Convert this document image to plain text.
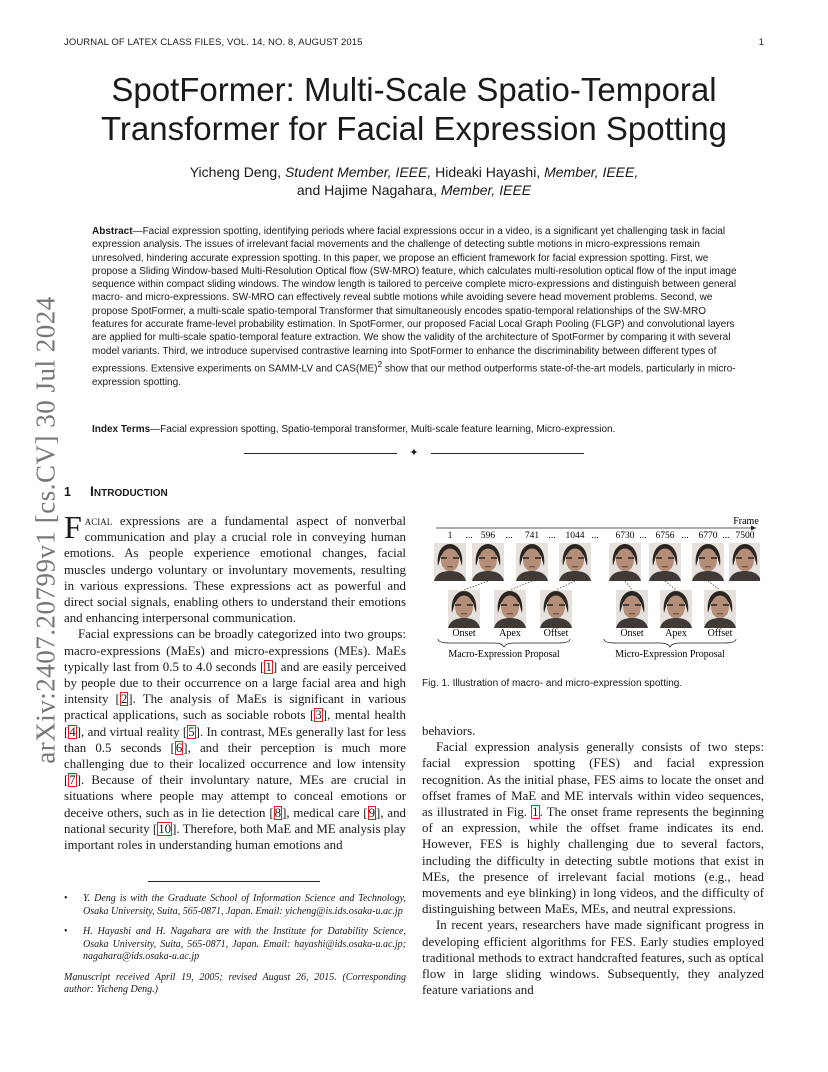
JOURNAL OF LATEX CLASS FILES, VOL. 14, NO. 8, AUGUST 2015	1
arXiv:2407.20799v1 [cs.CV] 30 Jul 2024
SpotFormer: Multi-Scale Spatio-Temporal Transformer for Facial Expression Spotting
Yicheng Deng, Student Member, IEEE, Hideaki Hayashi, Member, IEEE,
and Hajime Nagahara, Member, IEEE

Abstract—Facial expression spotting, identifying periods where facial expressions occur in a video, is a significant yet challenging task in facial expression analysis. The issues of irrelevant facial movements and the challenge of detecting subtle motions in micro-expressions remain unresolved, hindering accurate expression spotting. In this paper, we propose an efficient framework for facial expression spotting. First, we propose a Sliding Window-based Multi-Resolution Optical flow (SW-MRO) feature, which calculates multi-resolution optical flow of the input image sequence within compact sliding windows. The window length is tailored to perceive complete micro-expressions and distinguish between general macro- and micro-expressions. SW-MRO can effectively reveal subtle motions while avoiding severe head movement problems. Second, we propose SpotFormer, a multi-scale spatio-temporal Transformer that simultaneously encodes spatio-temporal relationships of the SW-MRO features for accurate frame-level probability estimation. In SpotFormer, our proposed Facial Local Graph Pooling (FLGP) and convolutional layers are applied for multi-scale spatio-temporal feature extraction. We show the validity of the architecture of SpotFormer by comparing it with several model variants. Third, we introduce supervised contrastive learning into SpotFormer to enhance the discriminability between different types of expressions. Extensive experiments on SAMM-LV and CAS(ME)$^2$ show that our method outperforms state-of-the-art models, particularly in micro-expression spotting.

Index Terms—Facial expression spotting, Spatio-temporal transformer, Multi-scale feature learning, Micro-expression.

✦
1 Introduction

Facial expressions are a fundamental aspect of nonverbal communication and play a crucial role in conveying human emotions. As people experience emotional changes, facial muscles undergo voluntary or involuntary movements, resulting in various expressions. These expressions act as powerful and direct social signals, enabling others to understand their emotions and enhancing interpersonal communication.

Facial expressions can be broadly categorized into two groups: macro-expressions (MaEs) and micro-expressions (MEs). MaEs typically last from 0.5 to 4.0 seconds [1] and are easily perceived by people due to their occurrence on a large facial area and high intensity [2]. The analysis of MaEs is significant in various practical applications, such as sociable robots [3], mental health [4], and virtual reality [5]. In contrast, MEs generally last for less than 0.5 seconds [6], and their perception is much more challenging due to their localized occurrence and low intensity [7]. Because of their involuntary nature, MEs are crucial in situations where people may attempt to conceal emotions or deceive others, such as in lie detection [8], medical care [9], and national security [10]. Therefore, both MaE and ME analysis play important roles in understanding human emotions and

• Y. Deng is with the Graduate School of Information Science and Technology, Osaka University, Suita, 565-0871, Japan. Email: yicheng@is.ids.osaka-u.ac.jp

• H. Hayashi and H. Nagahara are with the Institute for Datability Science, Osaka University, Suita, 565-0871, Japan. Email: hayashi@ids.osaka-u.ac.jp; nagahara@ids.osaka-u.ac.jp

Manuscript received April 19, 2005; revised August 26, 2015. (Corresponding author: Yicheng Deng.)

Frame
1 ... 596 ... 741 ... 1044 ... 6730 ... 6756 ... 6770 ... 7500
Onset Apex Offset	Onset Apex Offset
Macro-Expression Proposal	Micro-Expression Proposal
Fig. 1. Illustration of macro- and micro-expression spotting.

behaviors.

Facial expression analysis generally consists of two steps: facial expression spotting (FES) and facial expression recognition. As the initial phase, FES aims to locate the onset and offset frames of MaE and ME intervals within video sequences, as illustrated in Fig. 1. The onset frame represents the beginning of an expression, while the offset frame indicates its end. However, FES is highly challenging due to several factors, including the difficulty in detecting subtle motions that exist in MEs, the presence of irrelevant facial motions (e.g., head movements and eye blinking) in long videos, and the difficulty of distinguishing between MaEs, MEs, and neutral expressions.

In recent years, researchers have made significant progress in developing efficient algorithms for FES. Early studies employed traditional methods to extract handcrafted features, such as optical flow in large sliding windows. Subsequently, they analyzed feature variations and
